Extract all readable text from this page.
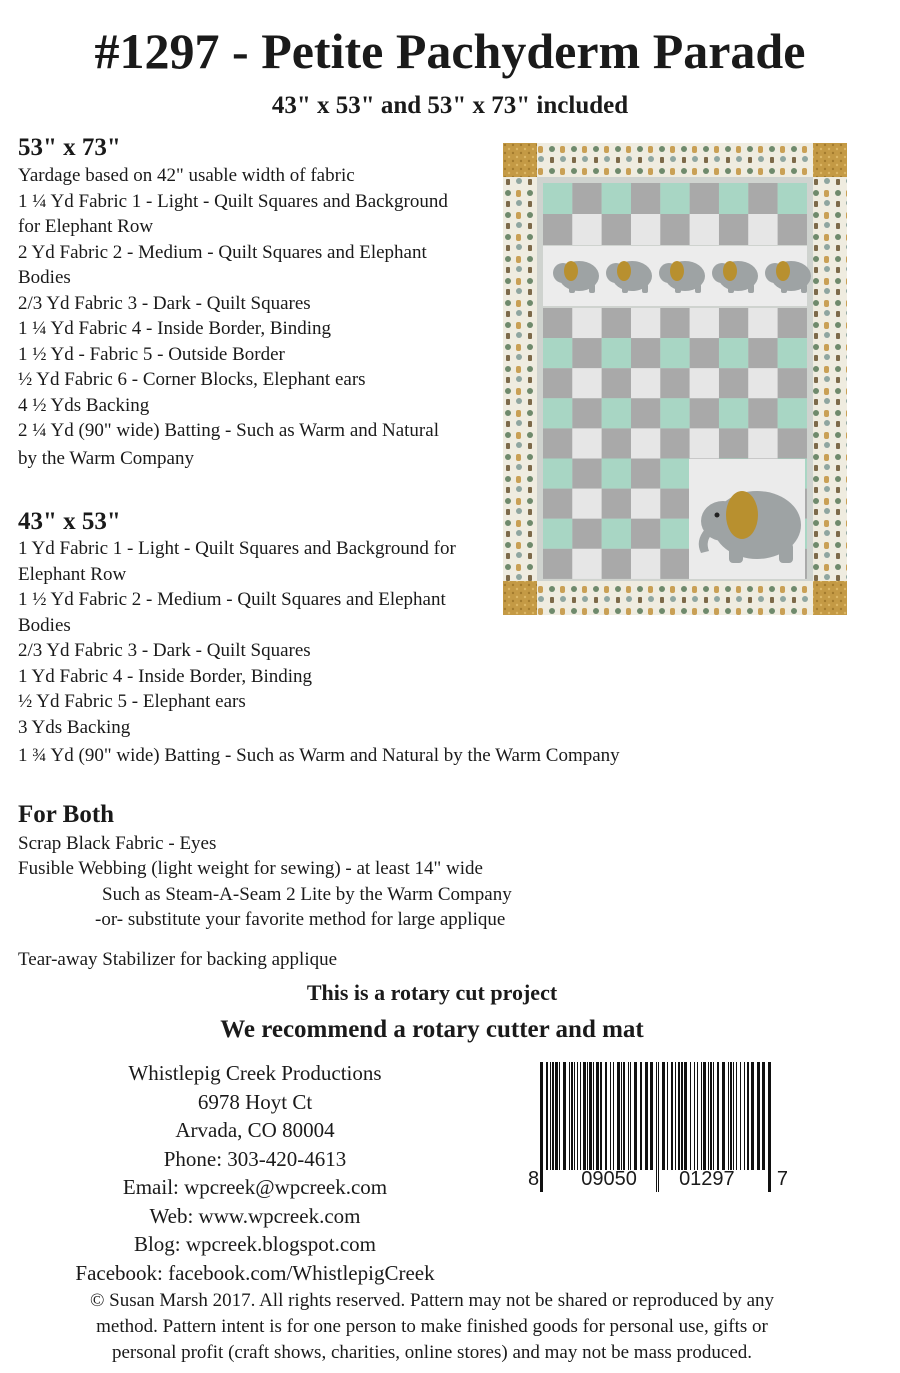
#1297 - Petite Pachyderm Parade
43" x 53" and 53" x 73" included
53" x 73"
Yardage based on 42" usable width of fabric
1 ¼ Yd Fabric 1 - Light - Quilt Squares and Background
for Elephant Row
2 Yd Fabric 2 - Medium - Quilt Squares and Elephant
Bodies
2/3 Yd Fabric 3 - Dark - Quilt Squares
1 ¼ Yd Fabric 4 - Inside Border, Binding
1 ½ Yd - Fabric 5 - Outside Border
½ Yd Fabric 6 - Corner Blocks, Elephant ears
4 ½ Yds Backing
2 ¼ Yd (90" wide) Batting - Such as Warm and Natural
by the Warm Company
43" x 53"
1 Yd Fabric 1 - Light - Quilt Squares and Background for
Elephant Row
1 ½ Yd Fabric 2 - Medium - Quilt Squares and Elephant
Bodies
2/3 Yd Fabric 3 - Dark - Quilt Squares
1 Yd Fabric 4 - Inside Border, Binding
½ Yd Fabric 5 - Elephant ears
3 Yds Backing
1 ¾ Yd (90" wide) Batting - Such as Warm and Natural by the Warm Company
For Both
Scrap Black Fabric - Eyes
Fusible Webbing (light weight for sewing) - at least 14" wide
Such as Steam-A-Seam 2 Lite by the Warm Company
-or- substitute your favorite method for large applique
Tear-away Stabilizer for backing applique
This is a rotary cut project
We recommend a rotary cutter and mat
Whistlepig Creek Productions
6978 Hoyt Ct
Arvada, CO 80004
Phone: 303-420-4613
Email: wpcreek@wpcreek.com
Web: www.wpcreek.com
Blog: wpcreek.blogspot.com
Facebook: facebook.com/WhistlepigCreek
8 09050 01297 7
© Susan Marsh 2017. All rights reserved. Pattern may not be shared or reproduced by any
method. Pattern intent is for one person to make finished goods for personal use, gifts or
personal profit (craft shows, charities, online stores) and may not be mass produced.
